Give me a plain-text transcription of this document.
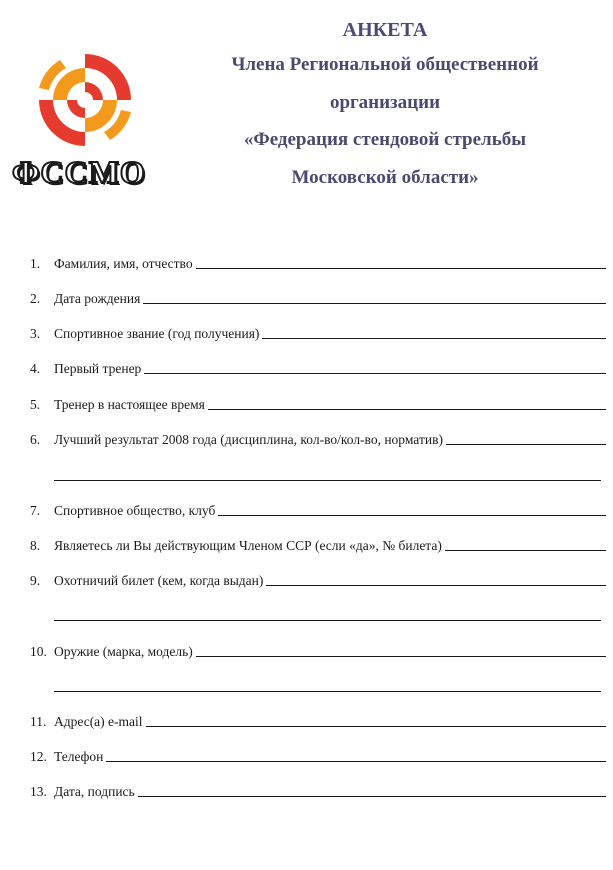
ФССМО
АНКЕТА
Члена Региональной общественной
организации
«Федерация стендовой стрельбы
Московской области»
1.	Фамилия, имя, отчество
2.	Дата рождения
3.	Спортивное звание (год получения)
4.	Первый тренер
5.	Тренер в настоящее время
6.	Лучший результат 2008 года (дисциплина, кол-во/кол-во, норматив)
7.	Спортивное общество, клуб
8.	Являетесь ли Вы действующим Членом ССР (если «да», № билета)
9.	Охотничий билет (кем, когда выдан)
10. Оружие (марка, модель)
11. Адрес(а) e-mail
12. Телефон
13. Дата, подпись
